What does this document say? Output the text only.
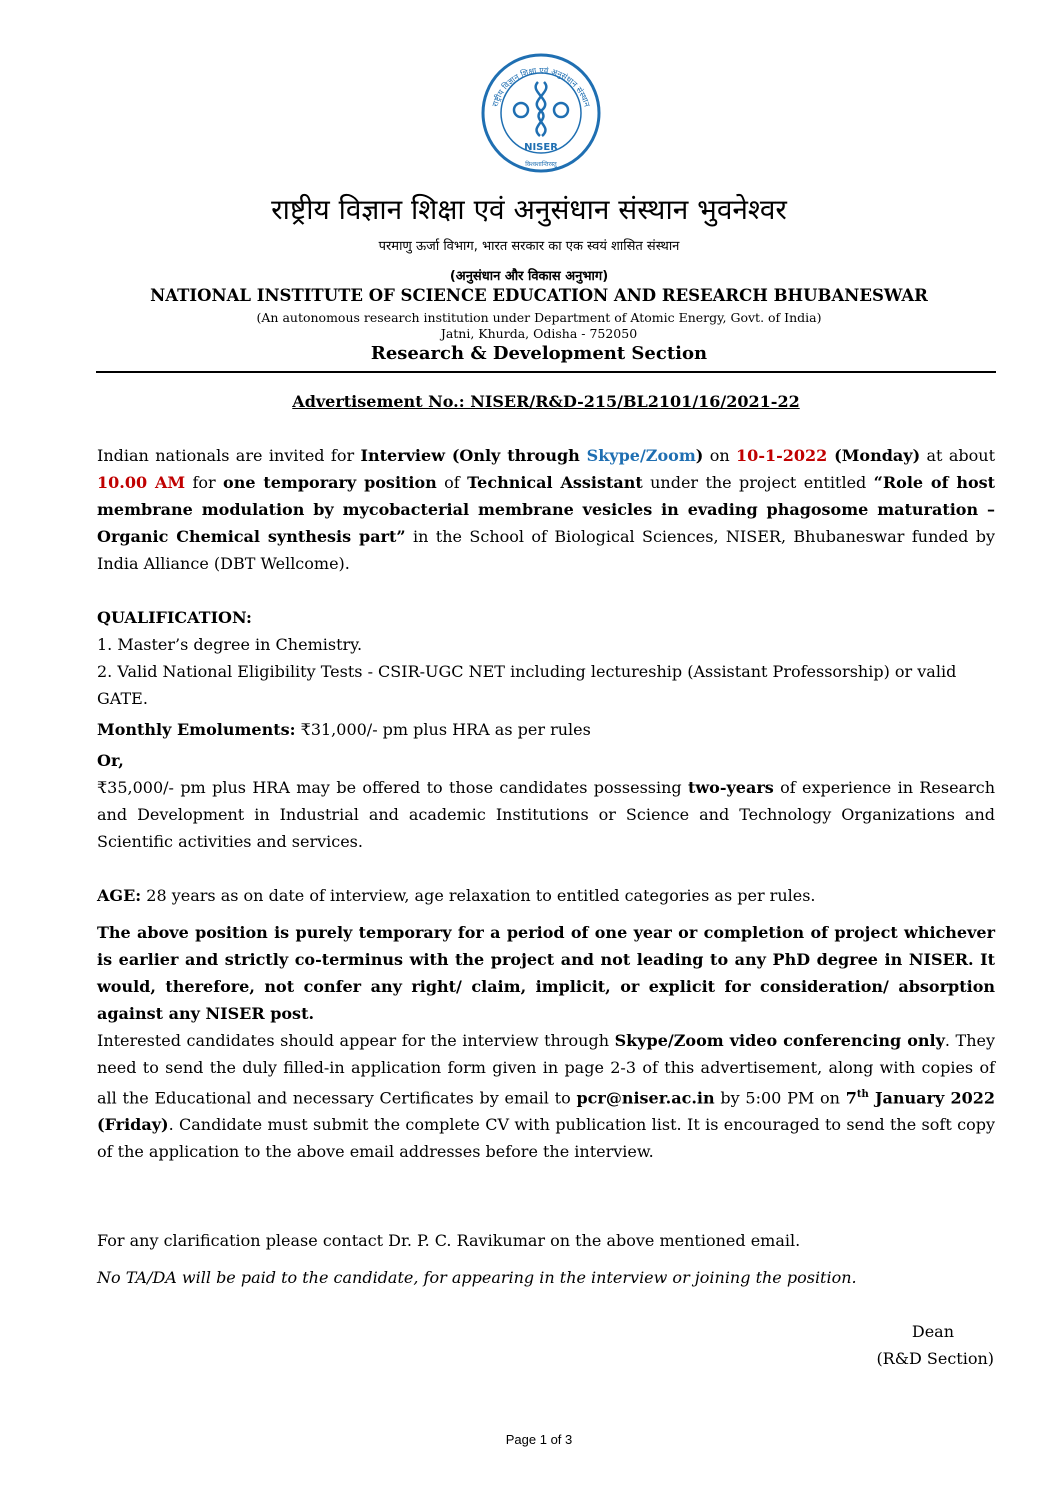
राष्ट्रीय विज्ञान शिक्षा एवं अनुसंधान संस्थान
NISER
विश्वशान्तिरस्तु
राष्ट्रीय विज्ञान शिक्षा एवं अनुसंधान संस्थान भुवनेश्वर
परमाणु ऊर्जा विभाग, भारत सरकार का एक स्वयं शासित संस्थान
(अनुसंधान और विकास अनुभाग)
NATIONAL INSTITUTE OF SCIENCE EDUCATION AND RESEARCH BHUBANESWAR
(An autonomous research institution under Department of Atomic Energy, Govt. of India)
Jatni, Khurda, Odisha - 752050
Research & Development Section
Advertisement No.: NISER/R&D-215/BL2101/16/2021-22
Indian nationals are invited for Interview (Only through Skype/Zoom) on 10-1-2022 (Monday) at about 10.00 AM for one temporary position of Technical Assistant under the project entitled “Role of host membrane modulation by mycobacterial membrane vesicles in evading phagosome maturation – Organic Chemical synthesis part” in the School of Biological Sciences, NISER, Bhubaneswar funded by India Alliance (DBT Wellcome).

QUALIFICATION:

1. Master’s degree in Chemistry.

2. Valid National Eligibility Tests - CSIR-UGC NET including lectureship (Assistant Professorship) or valid GATE.

Monthly Emoluments: ₹31,000/- pm plus HRA as per rules

Or,

₹35,000/- pm plus HRA may be offered to those candidates possessing two-years of experience in Research and Development in Industrial and academic Institutions or Science and Technology Organizations and Scientific activities and services.

AGE: 28 years as on date of interview, age relaxation to entitled categories as per rules.
The above position is purely temporary for a period of one year or completion of project whichever is earlier and strictly co-terminus with the project and not leading to any PhD degree in NISER. It would, therefore, not confer any right/ claim, implicit, or explicit for consideration/ absorption against any NISER post.
Interested candidates should appear for the interview through Skype/Zoom video conferencing only. They need to send the duly filled-in application form given in page 2-3 of this advertisement, along with copies of all the Educational and necessary Certificates by email to pcr@niser.ac.in by 5:00 PM on 7th January 2022 (Friday). Candidate must submit the complete CV with publication list. It is encouraged to send the soft copy of the application to the above email addresses before the interview.
For any clarification please contact Dr. P. C. Ravikumar on the above mentioned email.
No TA/DA will be paid to the candidate, for appearing in the interview or joining the position.
Dean
(R&D Section)
Page 1 of 3
